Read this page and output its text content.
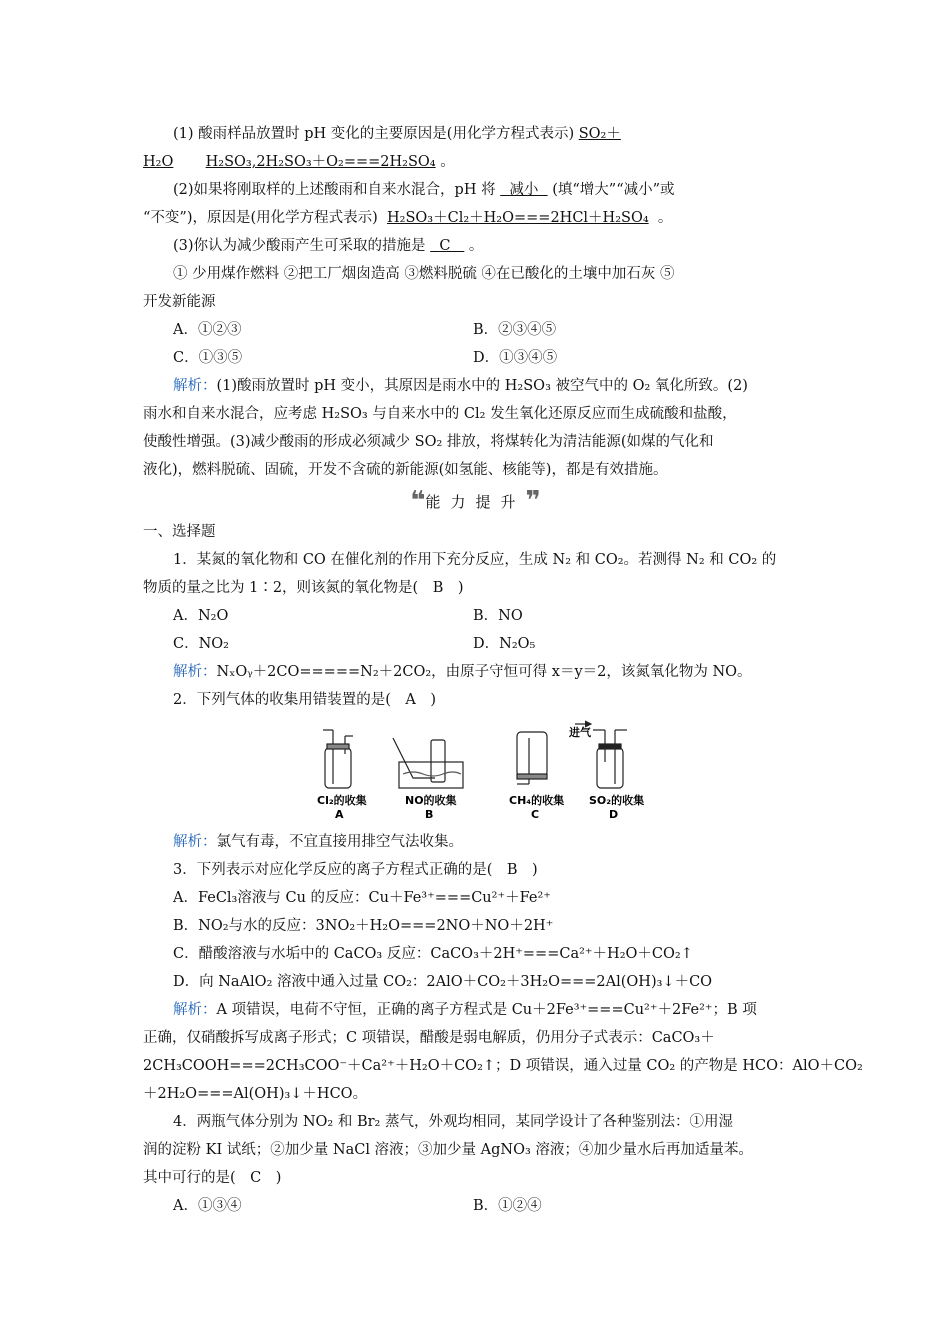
(1) 酸雨样品放置时 pH 变化的主要原因是(用化学方程式表示) SO₂＋
H₂O H₂SO₃,2H₂SO₃＋O₂===2H₂SO₄ 。
(2)如果将刚取样的上述酸雨和自来水混合，pH 将 减小 (填“增大”“减小”或
“不变”)，原因是(用化学方程式表示) H₂SO₃＋Cl₂＋H₂O===2HCl＋H₂SO₄ 。
(3)你认为减少酸雨产生可采取的措施是 C 。
① 少用煤作燃料 ②把工厂烟囱造高 ③燃料脱硫 ④在已酸化的土壤中加石灰 ⑤
开发新能源
A．①②③	B．②③④⑤
C．①③⑤	D．①③④⑤
解析：(1)酸雨放置时 pH 变小，其原因是雨水中的 H₂SO₃ 被空气中的 O₂ 氧化所致。(2)
雨水和自来水混合，应考虑 H₂SO₃ 与自来水中的 Cl₂ 发生氧化还原反应而生成硫酸和盐酸，
使酸性增强。(3)减少酸雨的形成必须减少 SO₂ 排放，将煤转化为清洁能源(如煤的气化和
液化)，燃料脱硫、固硫，开发不含硫的新能源(如氢能、核能等)，都是有效措施。
❝ 能力提升 ❞
一、选择题
1．某氮的氧化物和 CO 在催化剂的作用下充分反应，生成 N₂ 和 CO₂。若测得 N₂ 和 CO₂ 的
物质的量之比为 1∶2，则该氮的氧化物是(　B　)
A．N₂O	B．NO
C．NO₂	D．N₂O₅
解析：NₓOᵧ＋2CO=====N₂＋2CO₂，由原子守恒可得 x＝y＝2，该氮氧化物为 NO。
2．下列气体的收集用错装置的是(　A　)
进气
Cl₂的收集
A
NO的收集
B
CH₄的收集
C
SO₂的收集
D
解析：氯气有毒，不宜直接用排空气法收集。
3．下列表示对应化学反应的离子方程式正确的是(　B　)
A．FeCl₃溶液与 Cu 的反应：Cu＋Fe³⁺===Cu²⁺＋Fe²⁺
B．NO₂与水的反应：3NO₂＋H₂O===2NO＋NO＋2H⁺
C．醋酸溶液与水垢中的 CaCO₃ 反应：CaCO₃＋2H⁺===Ca²⁺＋H₂O＋CO₂↑
D．向 NaAlO₂ 溶液中通入过量 CO₂：2AlO＋CO₂＋3H₂O===2Al(OH)₃↓＋CO
解析：A 项错误，电荷不守恒，正确的离子方程式是 Cu＋2Fe³⁺===Cu²⁺＋2Fe²⁺；B 项
正确，仅硝酸拆写成离子形式；C 项错误，醋酸是弱电解质，仍用分子式表示：CaCO₃＋
2CH₃COOH===2CH₃COO⁻＋Ca²⁺＋H₂O＋CO₂↑；D 项错误，通入过量 CO₂ 的产物是 HCO：AlO＋CO₂
＋2H₂O===Al(OH)₃↓＋HCO。
4．两瓶气体分别为 NO₂ 和 Br₂ 蒸气，外观均相同，某同学设计了各种鉴别法：①用湿
润的淀粉 KI 试纸；②加少量 NaCl 溶液；③加少量 AgNO₃ 溶液；④加少量水后再加适量苯。
其中可行的是(　C　)
A．①③④	B．①②④
